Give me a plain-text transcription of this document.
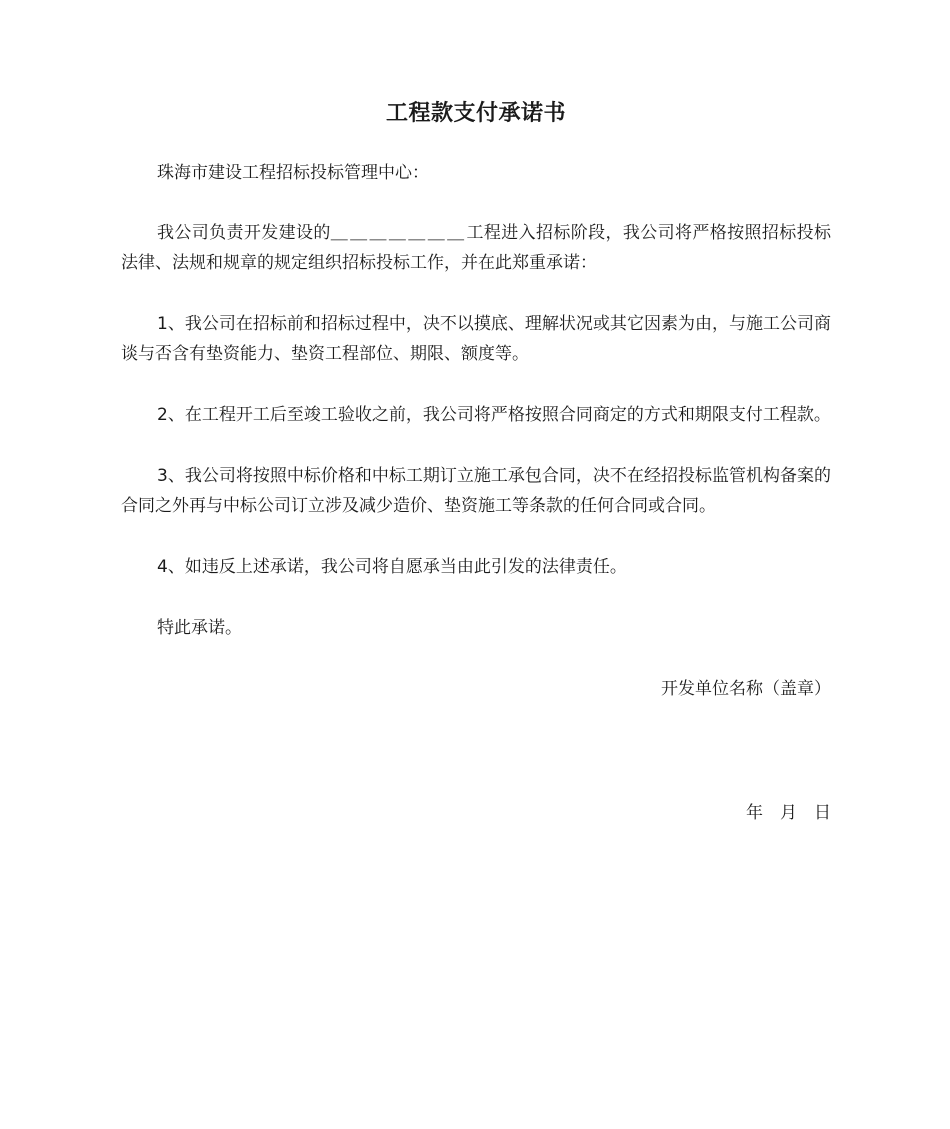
工程款支付承诺书

珠海市建设工程招标投标管理中心：

我公司负责开发建设的＿＿＿＿＿＿＿工程进入招标阶段，我公司将严格按照招标投标法律、法规和规章的规定组织招标投标工作，并在此郑重承诺：

1、我公司在招标前和招标过程中，决不以摸底、理解状况或其它因素为由，与施工公司商谈与否含有垫资能力、垫资工程部位、期限、额度等。

2、在工程开工后至竣工验收之前，我公司将严格按照合同商定的方式和期限支付工程款。

3、我公司将按照中标价格和中标工期订立施工承包合同，决不在经招投标监管机构备案的合同之外再与中标公司订立涉及减少造价、垫资施工等条款的任何合同或合同。

4、如违反上述承诺，我公司将自愿承当由此引发的法律责任。

特此承诺。

开发单位名称（盖章）

年　月　日
